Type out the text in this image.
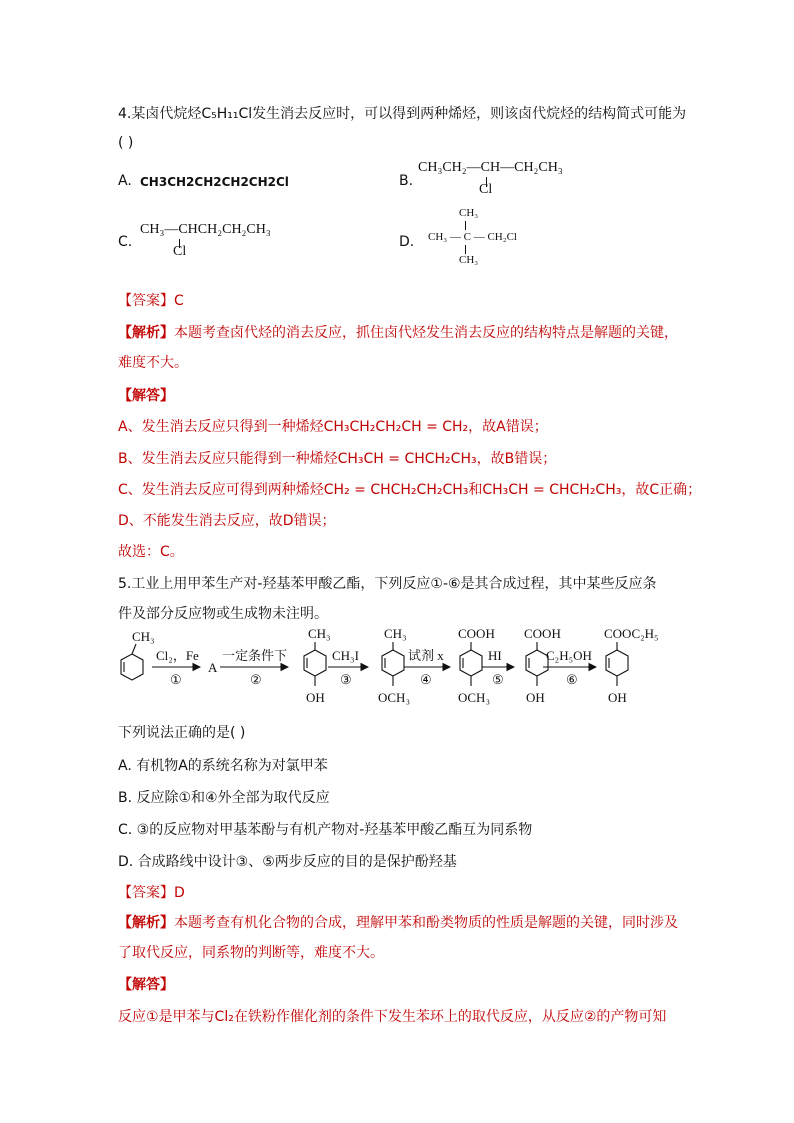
4.某卤代烷烃C₅H₁₁Cl发生消去反应时，可以得到两种烯烃，则该卤代烷烃的结构简式可能为
( )
A. CH3CH2CH2CH2CH2Cl	B.
CH₃CH₂—CH—CH₂CH₃
Cl
C.
CH₃—CHCH₂CH₂CH₃
Cl
D.
CH₃
CH₃ — C — CH₂Cl
CH₃
【答案】C
【解析】本题考查卤代烃的消去反应，抓住卤代烃发生消去反应的结构特点是解题的关键，
难度不大。
【解答】
A、发生消去反应只得到一种烯烃CH₃CH₂CH₂CH = CH₂，故A错误；
B、发生消去反应只能得到一种烯烃CH₃CH = CHCH₂CH₃，故B错误；
C、发生消去反应可得到两种烯烃CH₂ = CHCH₂CH₂CH₃和CH₃CH = CHCH₂CH₃，故C正确；
D、不能发生消去反应，故D错误；
故选：C。
5.工业上用甲苯生产对-羟基苯甲酸乙酯，下列反应①-⑥是其合成过程，其中某些反应条
件及部分反应物或生成物未注明。
CH₃
Cl₂，Fe
①
A
一定条件下
②
CH₃
OH
CH₃I
③
CH₃
OCH₃
试剂 x
④
COOH
OCH₃
HI
⑤
COOH
OH
C₂H₅OH
⑥
COOC₂H₅
OH
下列说法正确的是( )
A. 有机物A的系统名称为对氯甲苯
B. 反应除①和④外全部为取代反应
C. ③的反应物对甲基苯酚与有机产物对-羟基苯甲酸乙酯互为同系物
D. 合成路线中设计③、⑤两步反应的目的是保护酚羟基
【答案】D
【解析】本题考查有机化合物的合成，理解甲苯和酚类物质的性质是解题的关键，同时涉及
了取代反应，同系物的判断等，难度不大。
【解答】
反应①是甲苯与Cl₂在铁粉作催化剂的条件下发生苯环上的取代反应，从反应②的产物可知
